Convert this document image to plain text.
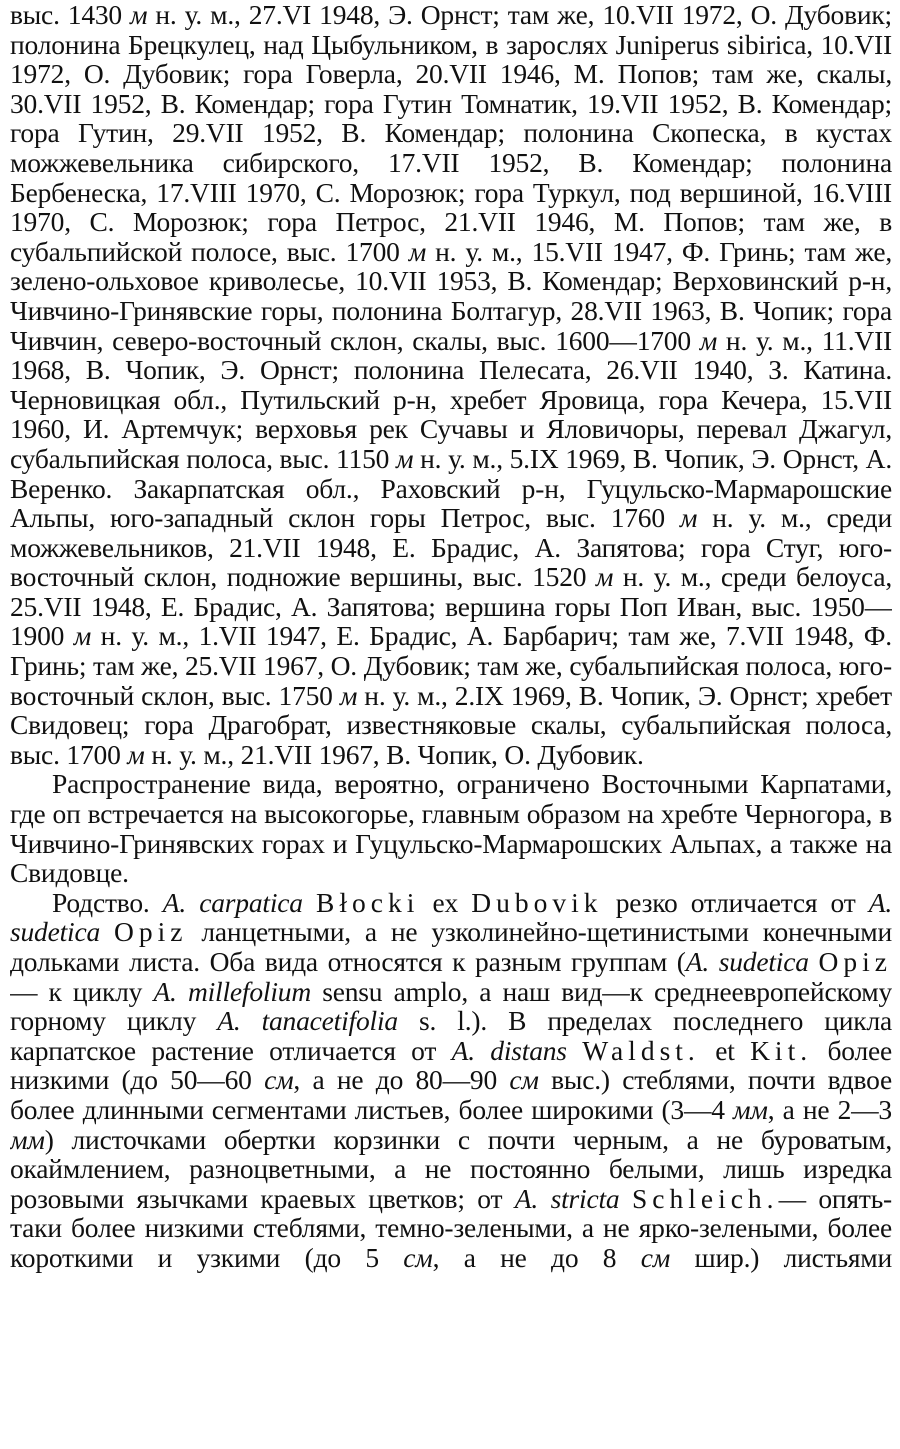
выс. 1430 м н. у. м., 27.VI 1948, Э. Орнст; там же, 10.VII 1972, О. Дубовик; полонина Брецкулец, над Цыбульником, в зарослях Juniperus sibirica, 10.VII 1972, О. Дубовик; гора Говерла, 20.VII 1946, М. Попов; там же, скалы, 30.VII 1952, В. Комендар; гора Гутин Томнатик, 19.VII 1952, В. Комендар; гора Гутин, 29.VII 1952, В. Комендар; полонина Скопеска, в кустах можжевельника сибирского, 17.VII 1952, В. Комендар; полонина Бербенеска, 17.VIII 1970, С. Морозюк; гора Туркул, под вершиной, 16.VIII 1970, С. Морозюк; гора Петрос, 21.VII 1946, М. Попов; там же, в субальпийской полосе, выс. 1700 м н. у. м., 15.VII 1947, Ф. Гринь; там же, зелено-ольховое криволесье, 10.VII 1953, В. Комендар; Верховинский р-н, Чивчино-Гринявские горы, полонина Болтагур, 28.VII 1963, В. Чопик; гора Чивчин, северо-восточный склон, скалы, выс. 1600—1700 м н. у. м., 11.VII 1968, В. Чопик, Э. Орнст; полонина Пелесата, 26.VII 1940, З. Катина. Черновицкая обл., Путильский р-н, хребет Яровица, гора Кечера, 15.VII 1960, И. Артемчук; верховья рек Сучавы и Яловичоры, перевал Джагул, субальпийская полоса, выс. 1150 м н. у. м., 5.IX 1969, В. Чопик, Э. Орнст, А. Веренко. Закарпатская обл., Раховский р-н, Гуцульско-Мармарошские Альпы, юго-западный склон горы Петрос, выс. 1760 м н. у. м., среди можжевельников, 21.VII 1948, Е. Брадис, А. Запятова; гора Стуг, юго-восточный склон, подножие вершины, выс. 1520 м н. у. м., среди белоуса, 25.VII 1948, Е. Брадис, А. Запятова; вершина горы Поп Иван, выс. 1950—1900 м н. у. м., 1.VII 1947, Е. Брадис, А. Барбарич; там же, 7.VII 1948, Ф. Гринь; там же, 25.VII 1967, О. Дубовик; там же, субальпийская полоса, юго-восточный склон, выс. 1750 м н. у. м., 2.IX 1969, В. Чопик, Э. Орнст; хребет Свидовец; гора Драгобрат, известняковые скалы, субальпийская полоса, выс. 1700 м н. у. м., 21.VII 1967, В. Чопик, О. Дубовик.

Распространение вида, вероятно, ограничено Восточными Карпатами, где оп встречается на высокогорье, главным образом на хребте Черногора, в Чивчино-Гринявских горах и Гуцульско-Мармарошских Альпах, а также на Свидовце.

Родство. A. carpatica Błocki ex Dubovik резко отличается от A. sudetica Opiz ланцетными, а не узколинейно-щетинистыми конечными дольками листа. Оба вида относятся к разным группам (A. sudetica Opiz — к циклу A. millefolium sensu amplo, а наш вид—к среднеевропейскому горному циклу A. tanacetifolia s. l.). В пределах последнего цикла карпатское растение отличается от A. distans Waldst. et Kit. более низкими (до 50—60 см, а не до 80—90 см выс.) стеблями, почти вдвое более длинными сегментами листьев, более широкими (3—4 мм, а не 2—3 мм) листочками обертки корзинки с почти черным, а не буроватым, окаймлением, разноцветными, а не постоянно белыми, лишь изредка розовыми язычками краевых цветков; от A. stricta Schleich.— опять-таки более низкими стеблями, темно-зелеными, а не ярко-зелеными, более короткими и узкими (до 5 см, а не до 8 см шир.) листьями
